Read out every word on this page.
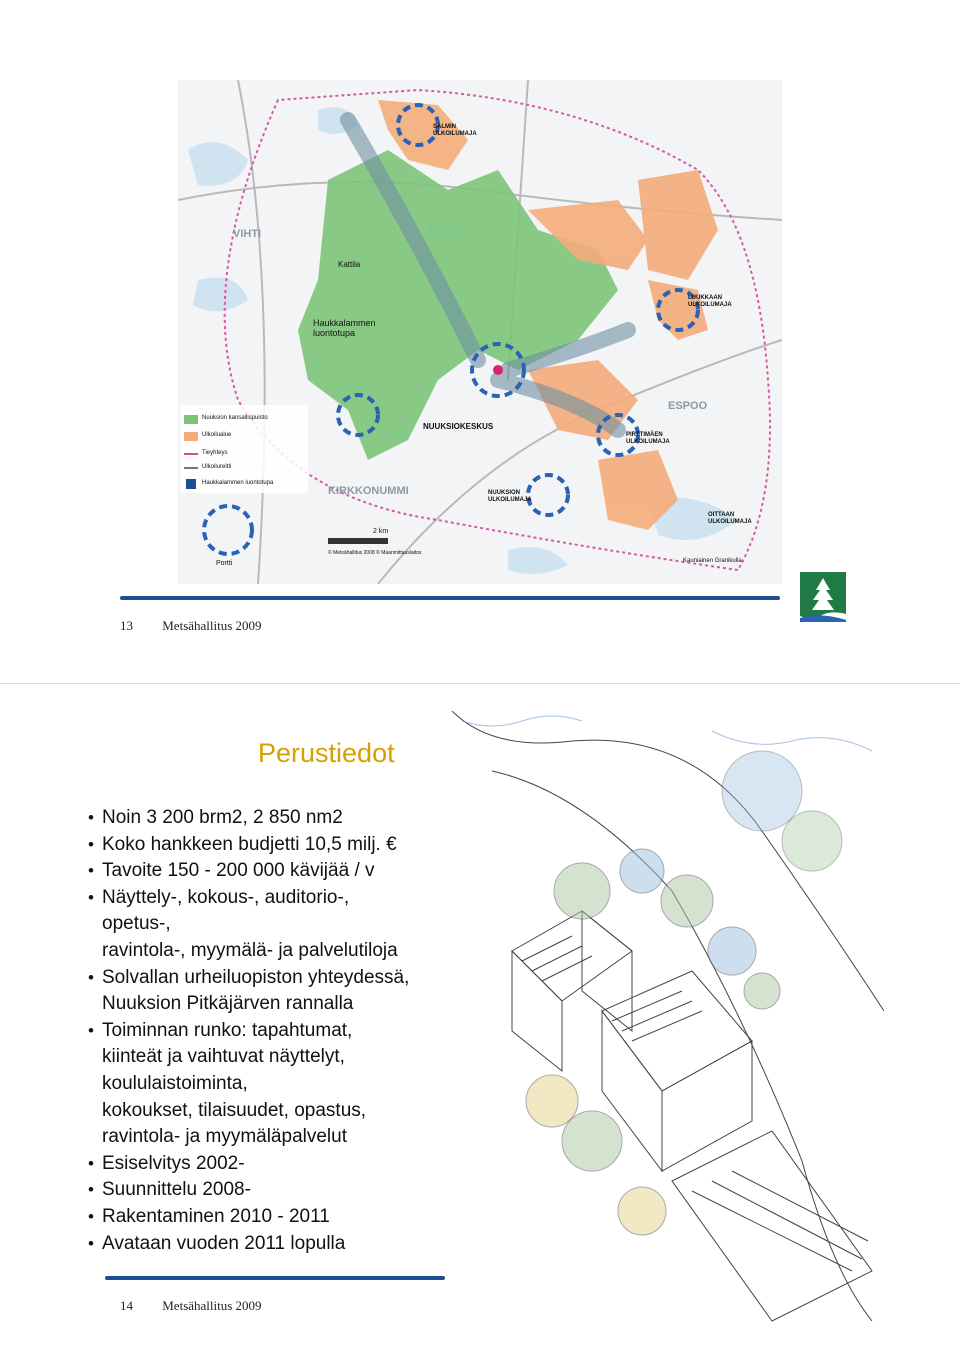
SALMIN ULKOILUMAJA
VIHTI
Kattila
Haukkalammen luontotupa
NUUKSIOKESKUS
KIRKKONUMMI
ESPOO
PIRTTIMÄEN ULKOILUMAJA
OITTAAN ULKOILUMAJA
LUUKKAAN ULKOILUMAJA
NUUKSION ULKOILUMAJA
Kauniainen Granikulla
Nuuksion kansallispuisto
Ulkoilualue
Tieyhteys
Ulkoilureitti
Haukkalammen luontotupa
Portti
2 km
© Metsähallitus 2008 © Maanmittauslaitos
13 Metsähallitus 2009
Perustiedot
• Noin 3 200 brm2, 2 850 nm2
• Koko hankkeen budjetti 10,5 milj. €
• Tavoite 150 - 200 000 kävijää / v
• Näyttely-, kokous-, auditorio-,
opetus-,
ravintola-, myymälä- ja palvelutiloja
• Solvallan urheiluopiston yhteydessä,
Nuuksion Pitkäjärven rannalla
• Toiminnan runko: tapahtumat,
kiinteät ja vaihtuvat näyttelyt,
koululaistoiminta,
kokoukset, tilaisuudet, opastus,
ravintola- ja myymäläpalvelut
• Esiselvitys 2002-
• Suunnittelu 2008-
• Rakentaminen 2010 - 2011
• Avataan vuoden 2011 lopulla
14 Metsähallitus 2009
